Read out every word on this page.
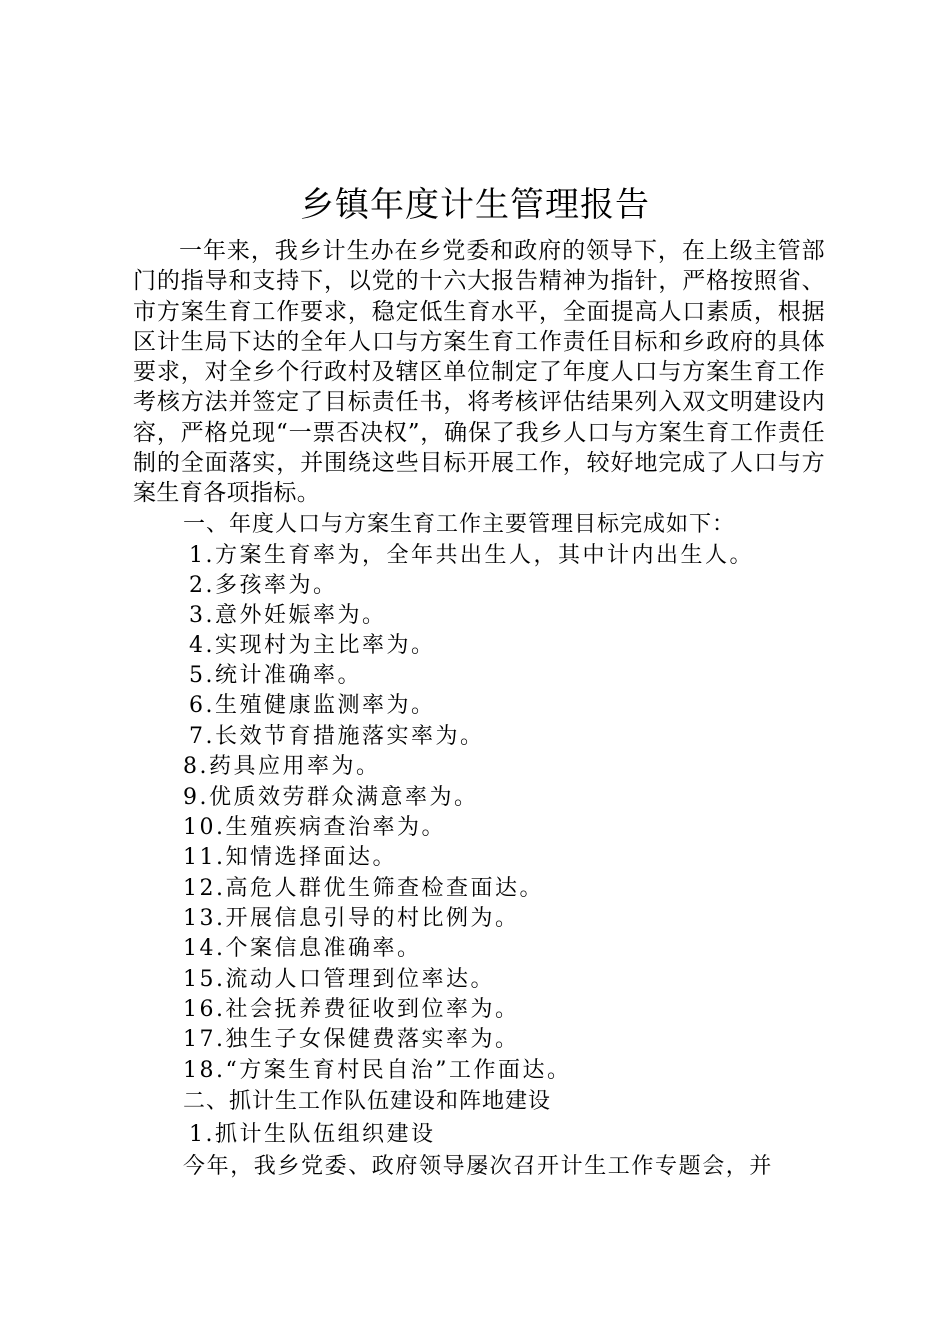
乡镇年度计生管理报告
一年来，我乡计生办在乡党委和政府的领导下，在上级主管部门的指导和支持下，以党的十六大报告精神为指针，严格按照省、市方案生育工作要求，稳定低生育水平，全面提高人口素质，根据区计生局下达的全年人口与方案生育工作责任目标和乡政府的具体要求，对全乡个行政村及辖区单位制定了年度人口与方案生育工作考核方法并签定了目标责任书，将考核评估结果列入双文明建设内容，严格兑现“一票否决权”，确保了我乡人口与方案生育工作责任制的全面落实，并围绕这些目标开展工作，较好地完成了人口与方案生育各项指标。
一、年度人口与方案生育工作主要管理目标完成如下：
1.方案生育率为，全年共出生人，其中计内出生人。
2.多孩率为。
3.意外妊娠率为。
4.实现村为主比率为。
5.统计准确率。
6.生殖健康监测率为。
7.长效节育措施落实率为。
8.药具应用率为。
9.优质效劳群众满意率为。
10.生殖疾病查治率为。
11.知情选择面达。
12.高危人群优生筛查检查面达。
13.开展信息引导的村比例为。
14.个案信息准确率。
15.流动人口管理到位率达。
16.社会抚养费征收到位率为。
17.独生子女保健费落实率为。
18.“方案生育村民自治”工作面达。
二、抓计生工作队伍建设和阵地建设
1.抓计生队伍组织建设
今年，我乡党委、政府领导屡次召开计生工作专题会，并
